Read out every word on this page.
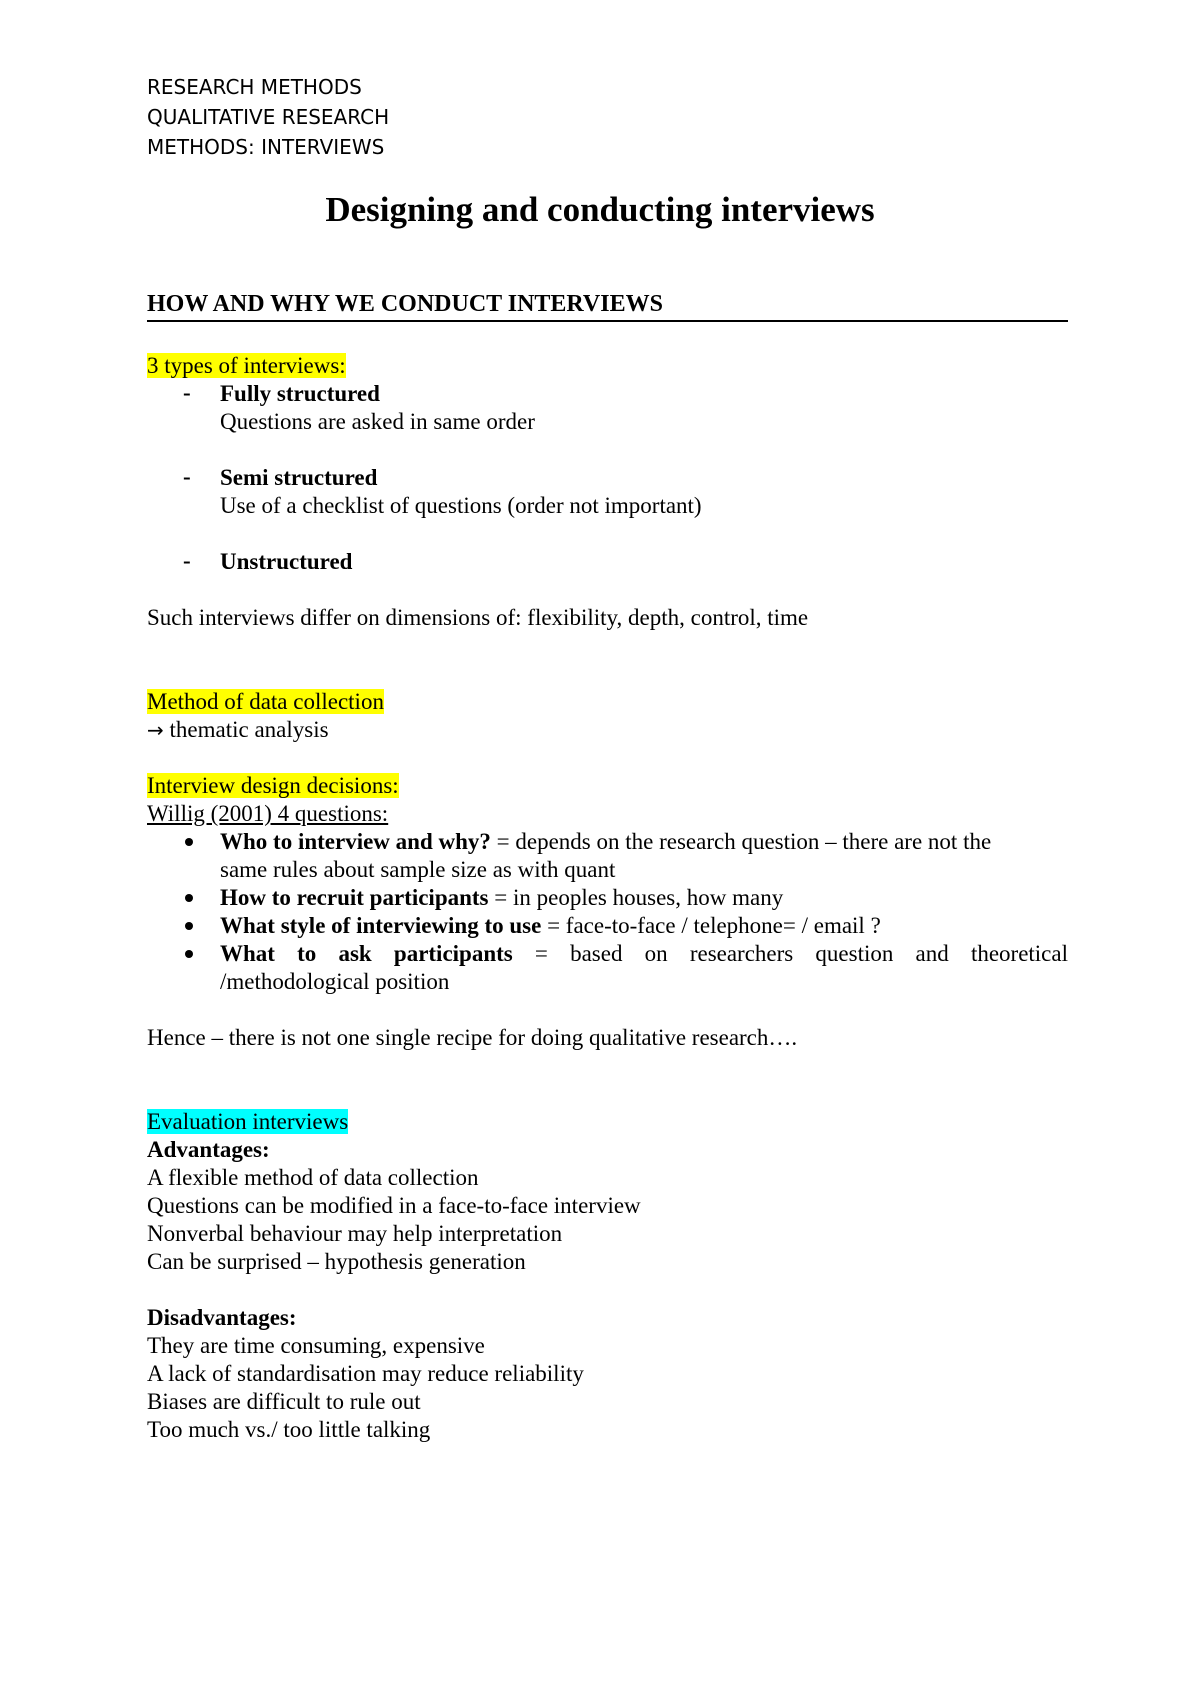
RESEARCH METHODS
QUALITATIVE RESEARCH
METHODS: INTERVIEWS
Designing and conducting interviews
HOW AND WHY WE CONDUCT INTERVIEWS
3 types of interviews:
- Fully structured
Questions are asked in same order
- Semi structured
Use of a checklist of questions (order not important)
- Unstructured
Such interviews differ on dimensions of: flexibility, depth, control, time
Method of data collection
→ thematic analysis
Interview design decisions:
Willig (2001) 4 questions:
Who to interview and why? = depends on the research question – there are not the
same rules about sample size as with quant
How to recruit participants = in peoples houses, how many
What style of interviewing to use = face-to-face / telephone= / email ?
What to ask participants = based on researchers question and theoretical
/methodological position
Hence – there is not one single recipe for doing qualitative research….
Evaluation interviews
Advantages:
A flexible method of data collection
Questions can be modified in a face-to-face interview
Nonverbal behaviour may help interpretation
Can be surprised – hypothesis generation
Disadvantages:
They are time consuming, expensive
A lack of standardisation may reduce reliability
Biases are difficult to rule out
Too much vs./ too little talking
